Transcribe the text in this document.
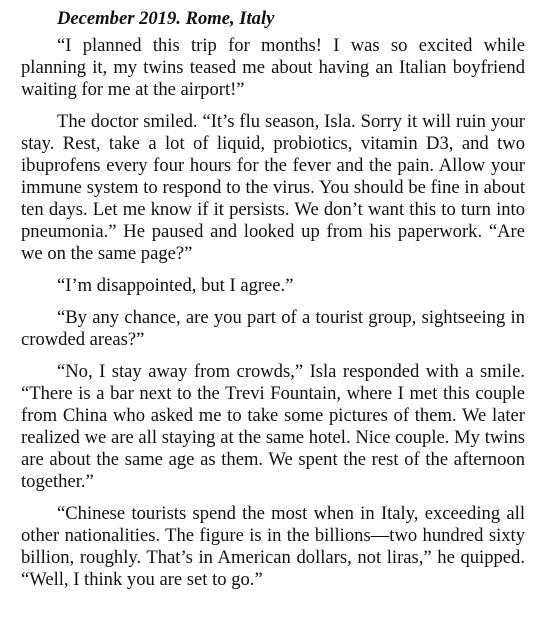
December 2019. Rome, Italy

“I planned this trip for months! I was so excited while planning it, my twins teased me about having an Italian boyfriend waiting for me at the airport!”

The doctor smiled. “It’s flu season, Isla. Sorry it will ruin your stay. Rest, take a lot of liquid, probiotics, vitamin D3, and two ibuprofens every four hours for the fever and the pain. Allow your immune system to respond to the virus. You should be fine in about ten days. Let me know if it persists. We don’t want this to turn into pneumonia.” He paused and looked up from his paperwork. “Are we on the same page?”

“I’m disappointed, but I agree.”

“By any chance, are you part of a tourist group, sightseeing in crowded areas?”

“No, I stay away from crowds,” Isla responded with a smile. “There is a bar next to the Trevi Fountain, where I met this couple from China who asked me to take some pictures of them. We later realized we are all staying at the same hotel. Nice couple. My twins are about the same age as them. We spent the rest of the afternoon together.”

“Chinese tourists spend the most when in Italy, exceeding all other nationalities. The figure is in the billions—two hundred sixty billion, roughly. That’s in American dollars, not liras,” he quipped. “Well, I think you are set to go.”
